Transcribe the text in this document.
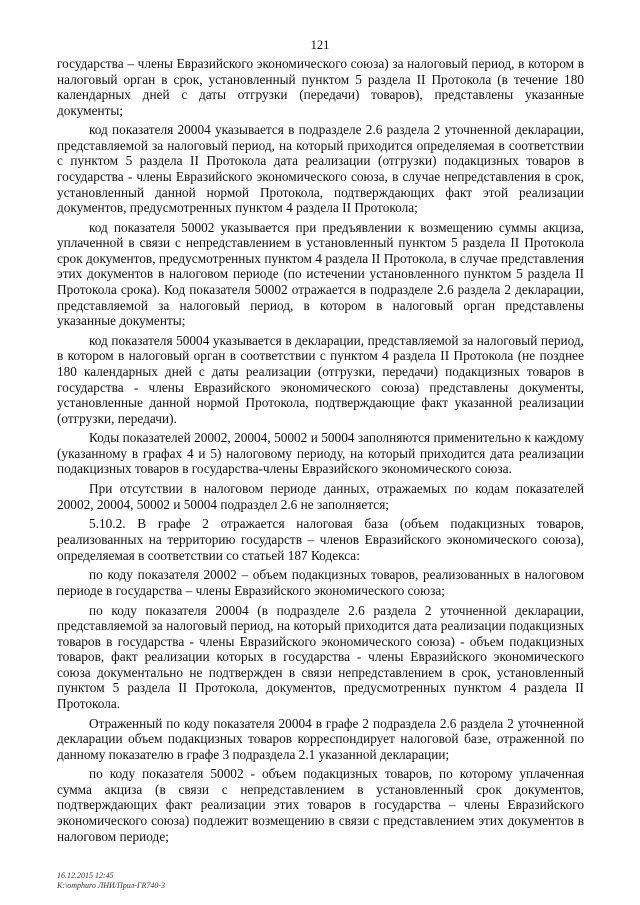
121

государства – члены Евразийского экономического союза) за налоговый период, в котором в налоговый орган в срок, установленный пунктом 5 раздела II Протокола (в течение 180 календарных дней с даты отгрузки (передачи) товаров), представлены указанные документы;

код показателя 20004 указывается в подразделе 2.6 раздела 2 уточненной декларации, представляемой за налоговый период, на который приходится определяемая в соответствии с пунктом 5 раздела II Протокола дата реализации (отгрузки) подакцизных товаров в государства - члены Евразийского экономического союза, в случае непредставления в срок, установленный данной нормой Протокола, подтверждающих факт этой реализации документов, предусмотренных пунктом 4 раздела II Протокола;

код показателя 50002 указывается при предъявлении к возмещению суммы акциза, уплаченной в связи с непредставлением в установленный пунктом 5 раздела II Протокола срок документов, предусмотренных пунктом 4 раздела II Протокола, в случае представления этих документов в налоговом периоде (по истечении установленного пунктом 5 раздела II Протокола срока). Код показателя 50002 отражается в подразделе 2.6 раздела 2 декларации, представляемой за налоговый период, в котором в налоговый орган представлены указанные документы;

код показателя 50004 указывается в декларации, представляемой за налоговый период, в котором в налоговый орган в соответствии с пунктом 4 раздела II Протокола (не позднее 180 календарных дней с даты реализации (отгрузки, передачи) подакцизных товаров в государства - члены Евразийского экономического союза) представлены документы, установленные данной нормой Протокола, подтверждающие факт указанной реализации (отгрузки, передачи).

Коды показателей 20002, 20004, 50002 и 50004 заполняются применительно к каждому (указанному в графах 4 и 5) налоговому периоду, на который приходится дата реализации подакцизных товаров в государства-члены Евразийского экономического союза.

При отсутствии в налоговом периоде данных, отражаемых по кодам показателей 20002, 20004, 50002 и 50004 подраздел 2.6 не заполняется;

5.10.2. В графе 2 отражается налоговая база (объем подакцизных товаров, реализованных на территорию государств – членов Евразийского экономического союза), определяемая в соответствии со статьей 187 Кодекса:

по коду показателя 20002 – объем подакцизных товаров, реализованных в налоговом периоде в государства – члены Евразийского экономического союза;

по коду показателя 20004 (в подразделе 2.6 раздела 2 уточненной декларации, представляемой за налоговый период, на который приходится дата реализации подакцизных товаров в государства - члены Евразийского экономического союза) - объем подакцизных товаров, факт реализации которых в государства - члены Евразийского экономического союза документально не подтвержден в связи непредставлением в срок, установленный пунктом 5 раздела II Протокола, документов, предусмотренных пунктом 4 раздела II Протокола.

Отраженный по коду показателя 20004 в графе 2 подраздела 2.6 раздела 2 уточненной декларации объем подакцизных товаров корреспондирует налоговой базе, отраженной по данному показателю в графе 3 подраздела 2.1 указанной декларации;

по коду показателя 50002 - объем подакцизных товаров, по которому уплаченная сумма акциза (в связи с непредставлением в установленный срок документов, подтверждающих факт реализации этих товаров в государства – члены Евразийского экономического союза) подлежит возмещению в связи с представлением этих документов в налоговом периоде;

16.12.2015 12:45
K:\omphuro ЛНИ/Прил-ГR740-3
